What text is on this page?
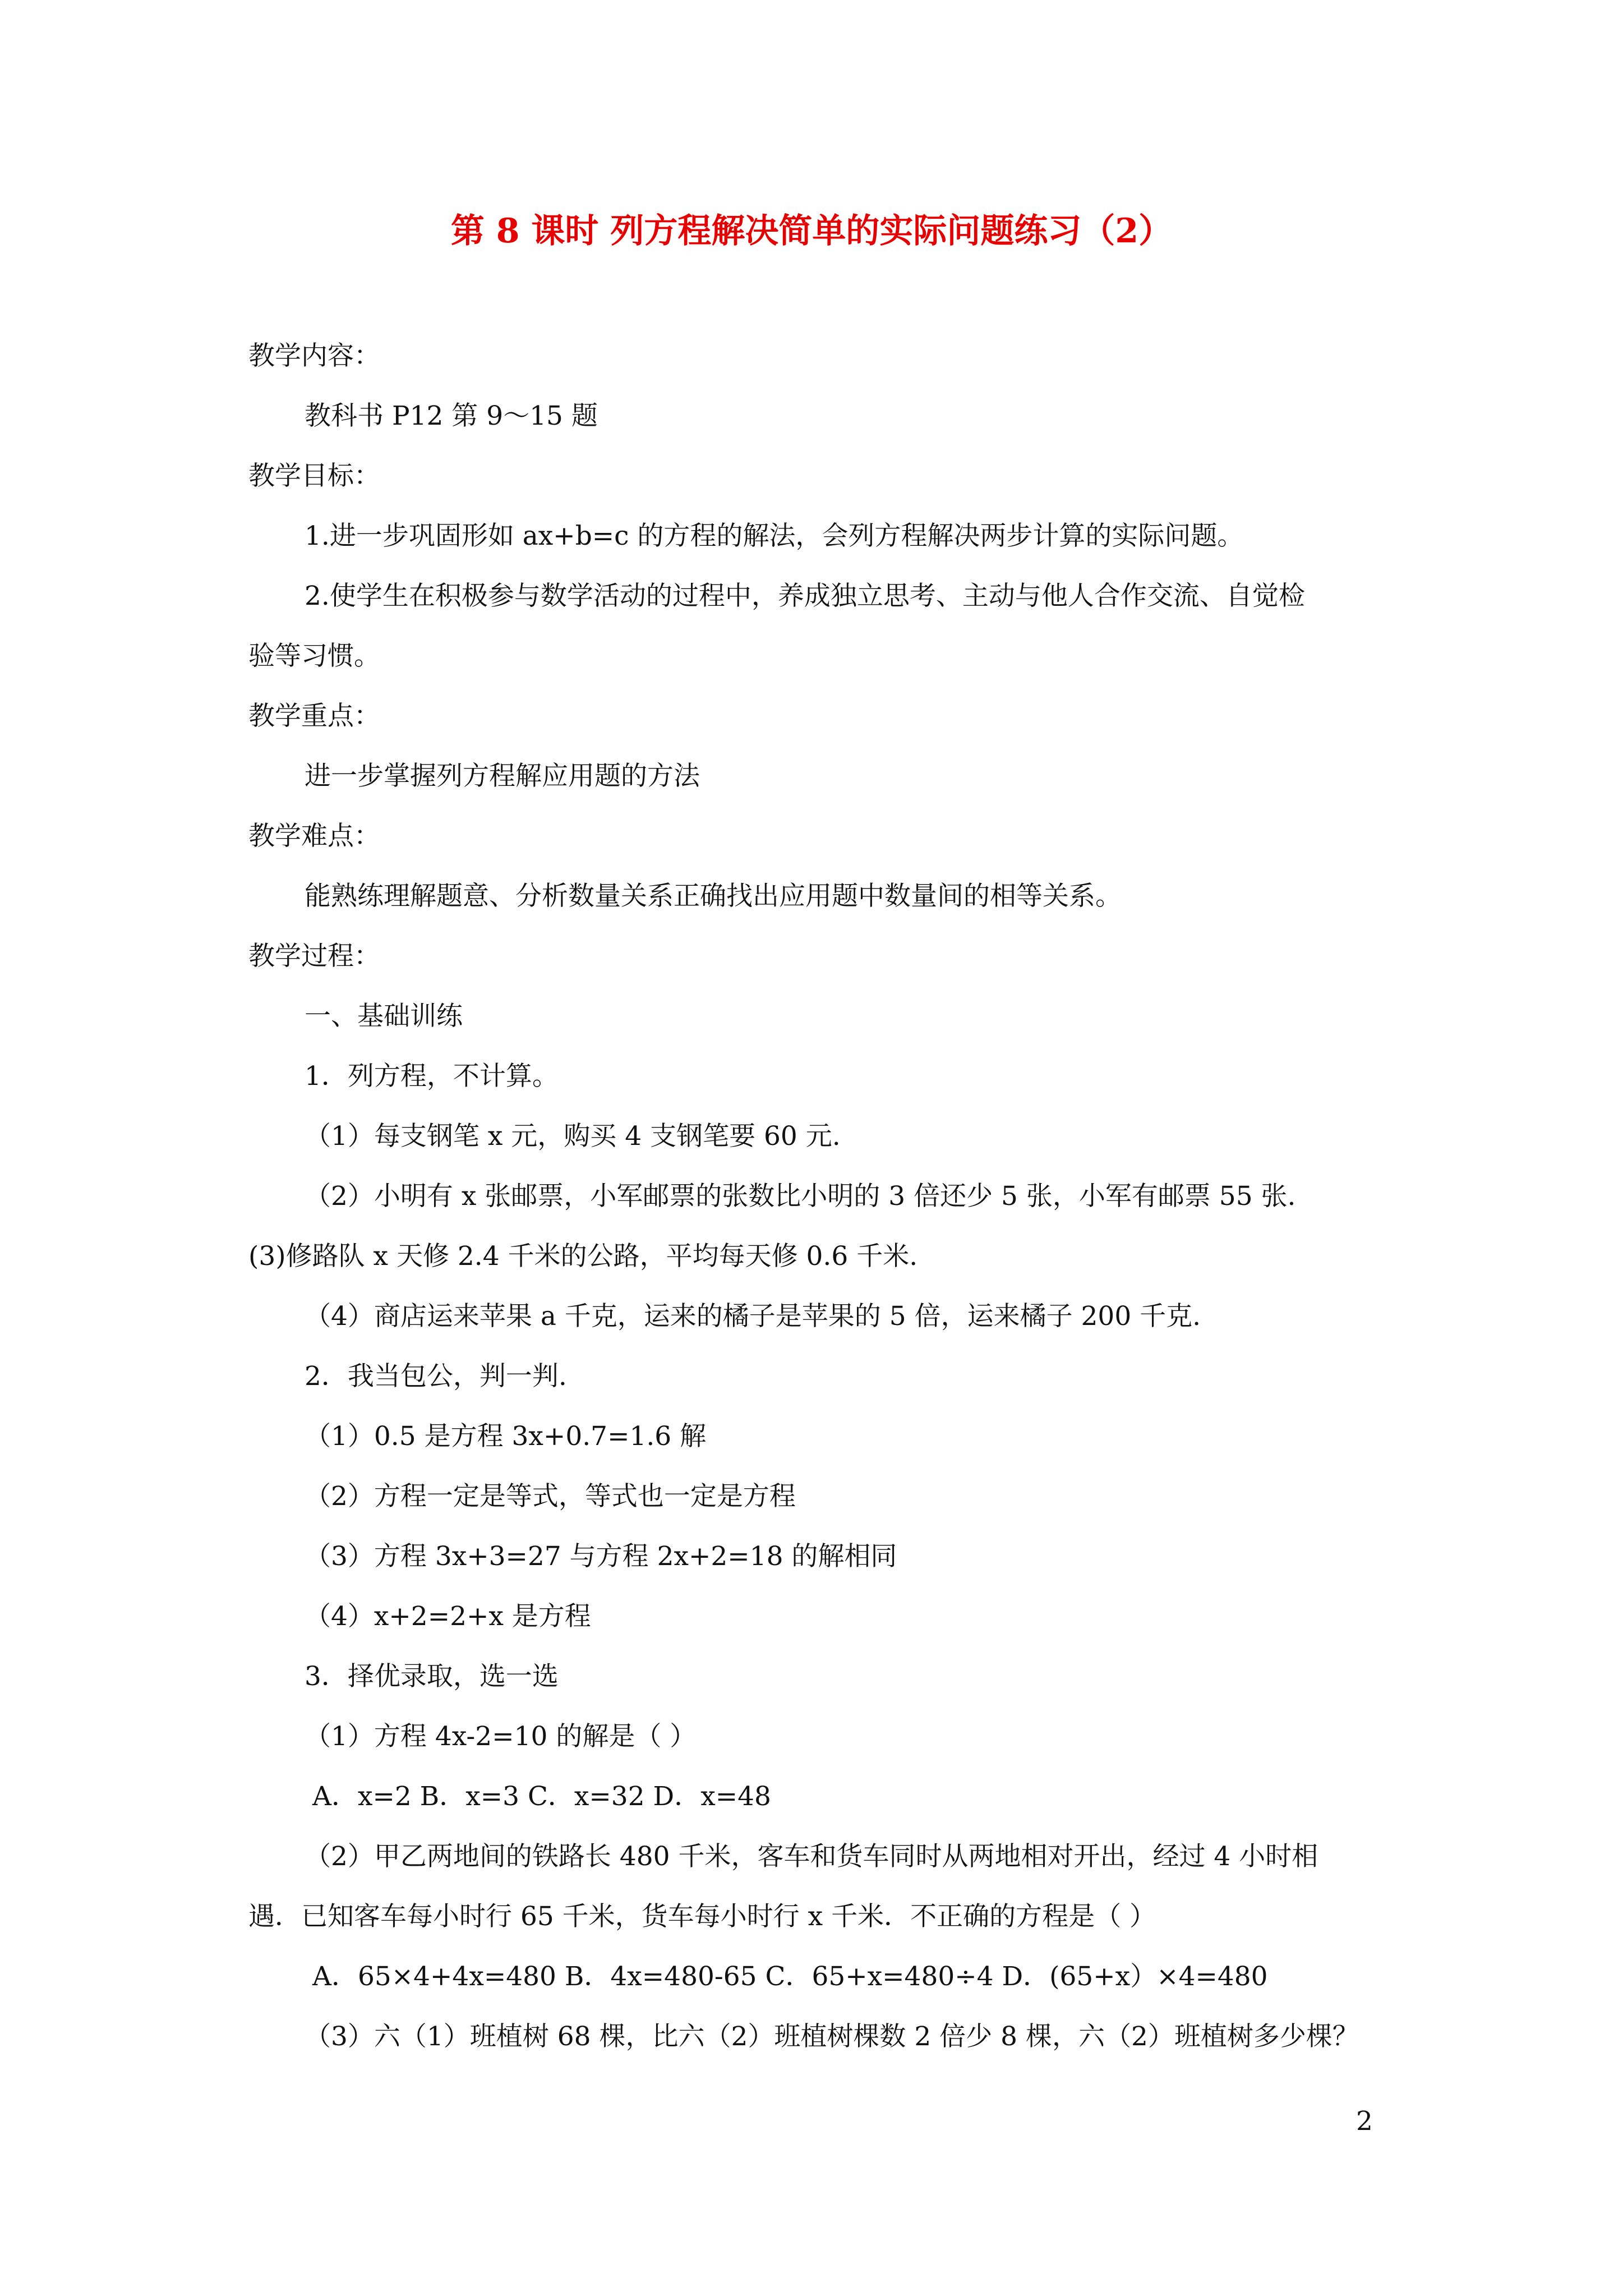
第 8 课时 列方程解决简单的实际问题练习（2）
教学内容：
教科书 P12 第 9～15 题
教学目标：
1.进一步巩固形如 ax+b=c 的方程的解法，会列方程解决两步计算的实际问题。
2.使学生在积极参与数学活动的过程中，养成独立思考、主动与他人合作交流、自觉检
验等习惯。
教学重点：
进一步掌握列方程解应用题的方法
教学难点：
能熟练理解题意、分析数量关系正确找出应用题中数量间的相等关系。
教学过程：
一、基础训练
1．列方程，不计算。
（1）每支钢笔 x 元，购买 4 支钢笔要 60 元.
（2）小明有 x 张邮票，小军邮票的张数比小明的 3 倍还少 5 张，小军有邮票 55 张.
(3)修路队 x 天修 2.4 千米的公路，平均每天修 0.6 千米.
（4）商店运来苹果 a 千克，运来的橘子是苹果的 5 倍，运来橘子 200 千克.
2．我当包公，判一判.
（1）0.5 是方程 3x+0.7=1.6 解
（2）方程一定是等式，等式也一定是方程
（3）方程 3x+3=27 与方程 2x+2=18 的解相同
（4）x+2=2+x 是方程
3．择优录取，选一选
（1）方程 4x-2=10 的解是（ ）
A．x=2 B．x=3 C．x=32 D．x=48
（2）甲乙两地间的铁路长 480 千米，客车和货车同时从两地相对开出，经过 4 小时相
遇．已知客车每小时行 65 千米，货车每小时行 x 千米．不正确的方程是（ ）
A．65×4+4x=480 B．4x=480-65 C．65+x=480÷4 D．(65+x）×4=480
（3）六（1）班植树 68 棵，比六（2）班植树棵数 2 倍少 8 棵，六（2）班植树多少棵？
2
